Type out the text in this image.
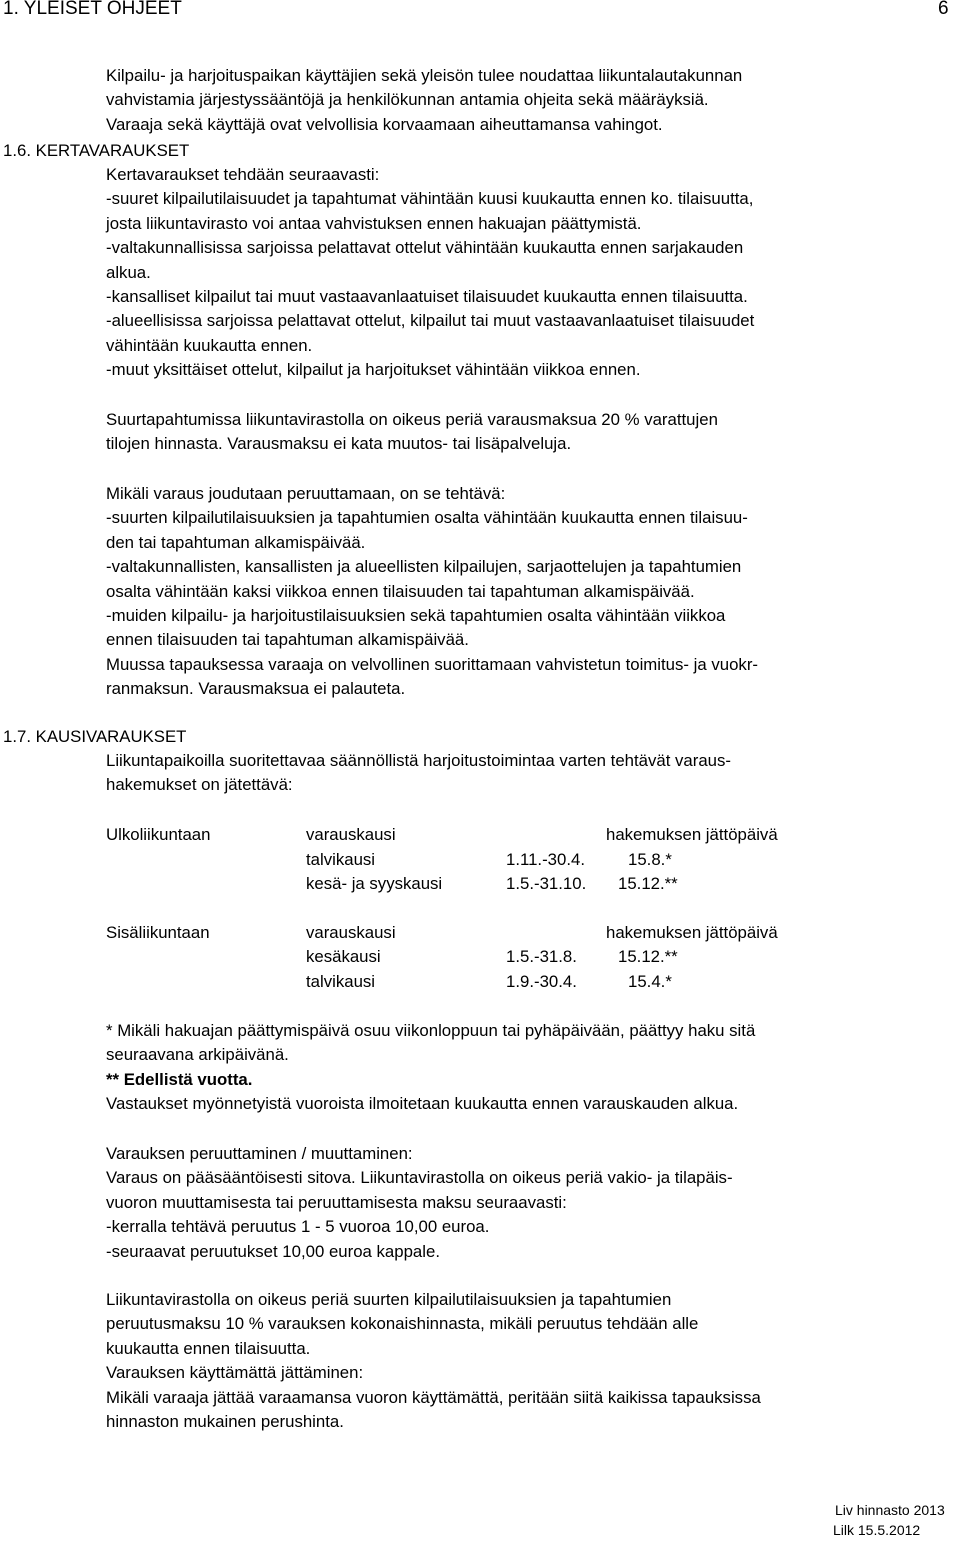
1. YLEISET OHJEET	6
Kilpailu- ja harjoituspaikan käyttäjien sekä yleisön tulee noudattaa liikuntalautakunnan
vahvistamia järjestyssääntöjä ja henkilökunnan antamia ohjeita sekä määräyksiä.
Varaaja sekä käyttäjä ovat velvollisia korvaamaan aiheuttamansa vahingot.
1.6. KERTAVARAUKSET
Kertavaraukset tehdään seuraavasti:
-suuret kilpailutilaisuudet ja tapahtumat vähintään kuusi kuukautta ennen ko. tilaisuutta,
josta liikuntavirasto voi antaa vahvistuksen ennen hakuajan päättymistä.
-valtakunnallisissa sarjoissa pelattavat ottelut vähintään kuukautta ennen sarjakauden
alkua.
-kansalliset kilpailut tai muut vastaavanlaatuiset tilaisuudet kuukautta ennen tilaisuutta.
-alueellisissa sarjoissa pelattavat ottelut, kilpailut tai muut vastaavanlaatuiset tilaisuudet
vähintään kuukautta ennen.
-muut yksittäiset ottelut, kilpailut ja harjoitukset vähintään viikkoa ennen.
Suurtapahtumissa liikuntavirastolla on oikeus periä varausmaksua 20 % varattujen
tilojen hinnasta. Varausmaksu ei kata muutos- tai lisäpalveluja.
Mikäli varaus joudutaan peruuttamaan, on se tehtävä:
-suurten kilpailutilaisuuksien ja tapahtumien osalta vähintään kuukautta ennen tilaisuu-
den tai tapahtuman alkamispäivää.
-valtakunnallisten, kansallisten ja alueellisten kilpailujen, sarjaottelujen ja tapahtumien
osalta vähintään kaksi viikkoa ennen tilaisuuden tai tapahtuman alkamispäivää.
-muiden kilpailu- ja harjoitustilaisuuksien sekä tapahtumien osalta vähintään viikkoa
ennen tilaisuuden tai tapahtuman alkamispäivää.
Muussa tapauksessa varaaja on velvollinen suorittamaan vahvistetun toimitus- ja vuokr-
ranmaksun. Varausmaksua ei palauteta.
1.7. KAUSIVARAUKSET
Liikuntapaikoilla suoritettavaa säännöllistä harjoitustoimintaa varten tehtävät varaus-
hakemukset on jätettävä:
Ulkoliikuntaan	varauskausi	hakemuksen jättöpäivä
talvikausi	1.11.-30.4.	15.8.*
kesä- ja syyskausi	1.5.-31.10. 15.12.**
Sisäliikuntaan	varauskausi	hakemuksen jättöpäivä
kesäkausi	1.5.-31.8. 15.12.**
talvikausi	1.9.-30.4.	15.4.*
* Mikäli hakuajan päättymispäivä osuu viikonloppuun tai pyhäpäivään, päättyy haku sitä
seuraavana arkipäivänä.
** Edellistä vuotta.
Vastaukset myönnetyistä vuoroista ilmoitetaan kuukautta ennen varauskauden alkua.
Varauksen peruuttaminen / muuttaminen:
Varaus on pääsääntöisesti sitova. Liikuntavirastolla on oikeus periä vakio- ja tilapäis-
vuoron muuttamisesta tai peruuttamisesta maksu seuraavasti:
-kerralla tehtävä peruutus 1 - 5 vuoroa 10,00 euroa.
-seuraavat peruutukset 10,00 euroa kappale.
Liikuntavirastolla on oikeus periä suurten kilpailutilaisuuksien ja tapahtumien
peruutusmaksu 10 % varauksen kokonaishinnasta, mikäli peruutus tehdään alle
kuukautta ennen tilaisuutta.
Varauksen käyttämättä jättäminen:
Mikäli varaaja jättää varaamansa vuoron käyttämättä, peritään siitä kaikissa tapauksissa
hinnaston mukainen perushinta.
Liv hinnasto 2013
Lilk 15.5.2012
